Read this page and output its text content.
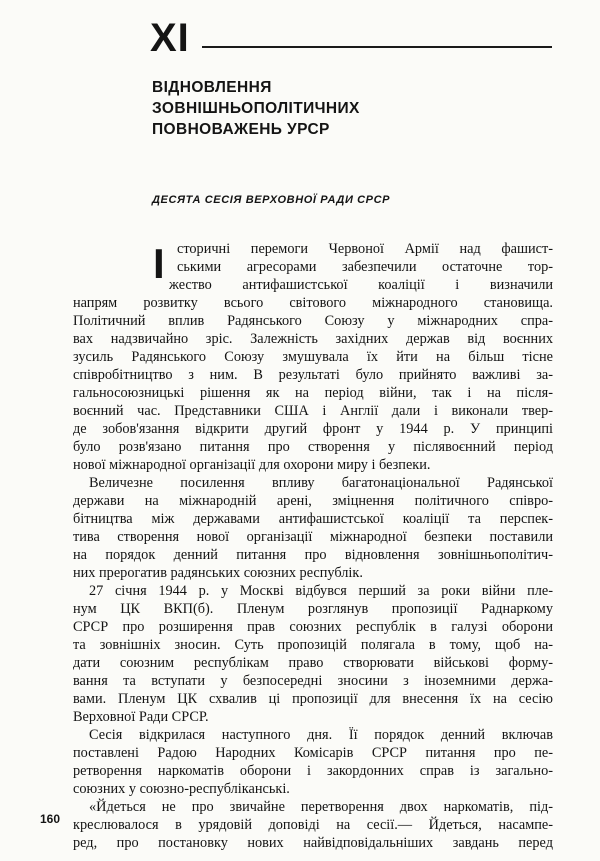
XI
ВІДНОВЛЕННЯ
ЗОВНІШНЬОПОЛІТИЧНИХ
ПОВНОВАЖЕНЬ УРСР
ДЕСЯТА СЕСІЯ ВЕРХОВНОЇ РАДИ СРСР
І сторичні перемоги Червоної Армії над фашист-
ськими агресорами забезпечили остаточне тор-
жество антифашистської коаліції і визначили
напрям розвитку всього світового міжнародного становища.
Політичний вплив Радянського Союзу у міжнародних спра-
вах надзвичайно зріс. Залежність західних держав від воєнних
зусиль Радянського Союзу змушувала їх йти на більш тісне
співробітництво з ним. В результаті було прийнято важливі за-
гальносоюзницькі рішення як на період війни, так і на після-
воєнний час. Представники США і Англії дали і виконали твер-
де зобов'язання відкрити другий фронт у 1944 р. У принципі
було розв'язано питання про створення у післявоєнний період
нової міжнародної організації для охорони миру і безпеки.
Величезне посилення впливу багатонаціональної Радянської
держави на міжнародній арені, зміцнення політичного співро-
бітництва між державами антифашистської коаліції та перспек-
тива створення нової організації міжнародної безпеки поставили
на порядок денний питання про відновлення зовнішньополітич-
них прерогатив радянських союзних республік.
27 січня 1944 р. у Москві відбувся перший за роки війни пле-
нум ЦК ВКП(б). Пленум розглянув пропозиції Раднаркому
СРСР про розширення прав союзних республік в галузі оборони
та зовнішніх зносин. Суть пропозицій полягала в тому, щоб на-
дати союзним республікам право створювати військові форму-
вання та вступати у безпосередні зносини з іноземними держа-
вами. Пленум ЦК схвалив ці пропозиції для внесення їх на сесію
Верховної Ради СРСР.
Сесія відкрилася наступного дня. Її порядок денний включав
поставлені Радою Народних Комісарів СРСР питання про пе-
ретворення наркоматів оборони і закордонних справ із загально-
союзних у союзно-республіканські.
«Йдеться не про звичайне перетворення двох наркоматів, під-
креслювалося в урядовій доповіді на сесії.— Йдеться, насампе-
ред, про постановку нових найвідповідальніших завдань перед
160
